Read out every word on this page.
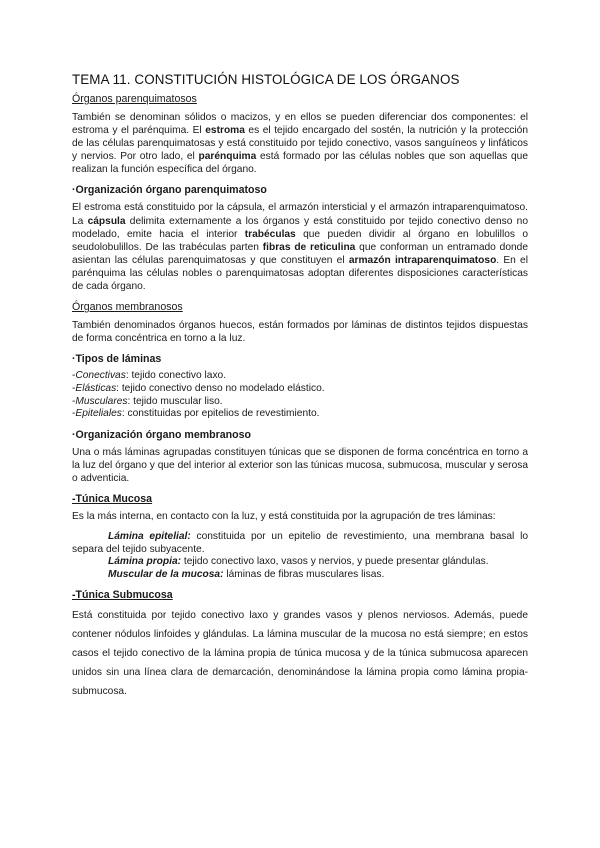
TEMA 11. CONSTITUCIÓN HISTOLÓGICA DE LOS ÓRGANOS
Órganos parenquimatosos

También se denominan sólidos o macizos, y en ellos se pueden diferenciar dos componentes: el estroma y el parénquima. El estroma es el tejido encargado del sostén, la nutrición y la protección de las células parenquimatosas y está constituido por tejido conectivo, vasos sanguíneos y linfáticos y nervios. Por otro lado, el parénquima está formado por las células nobles que son aquellas que realizan la función específica del órgano.

·Organización órgano parenquimatoso

El estroma está constituido por la cápsula, el armazón intersticial y el armazón intraparenquimatoso. La cápsula delimita externamente a los órganos y está constituido por tejido conectivo denso no modelado, emite hacia el interior trabéculas que pueden dividir al órgano en lobulillos o seudolobulillos. De las trabéculas parten fibras de reticulina que conforman un entramado donde asientan las células parenquimatosas y que constituyen el armazón intraparenquimatoso. En el parénquima las células nobles o parenquimatosas adoptan diferentes disposiciones características de cada órgano.

Órganos membranosos

También denominados órganos huecos, están formados por láminas de distintos tejidos dispuestas de forma concéntrica en torno a la luz.

·Tipos de láminas
-Conectivas: tejido conectivo laxo.
-Elásticas: tejido conectivo denso no modelado elástico.
-Musculares: tejido muscular liso.
-Epiteliales: constituidas por epitelios de revestimiento.
·Organización órgano membranoso

Una o más láminas agrupadas constituyen túnicas que se disponen de forma concéntrica en torno a la luz del órgano y que del interior al exterior son las túnicas mucosa, submucosa, muscular y serosa o adventicia.

-Túnica Mucosa

Es la más interna, en contacto con la luz, y está constituida por la agrupación de tres láminas:

Lámina epitelial: constituida por un epitelio de revestimiento, una membrana basal lo separa del tejido subyacente.
Lámina propia: tejido conectivo laxo, vasos y nervios, y puede presentar glándulas.
Muscular de la mucosa: láminas de fibras musculares lisas.
-Túnica Submucosa

Está constituida por tejido conectivo laxo y grandes vasos y plenos nerviosos. Además, puede contener nódulos linfoides y glándulas. La lámina muscular de la mucosa no está siempre; en estos casos el tejido conectivo de la lámina propia de túnica mucosa y de la túnica submucosa aparecen unidos sin una línea clara de demarcación, denominándose la lámina propia como lámina propia-submucosa.
